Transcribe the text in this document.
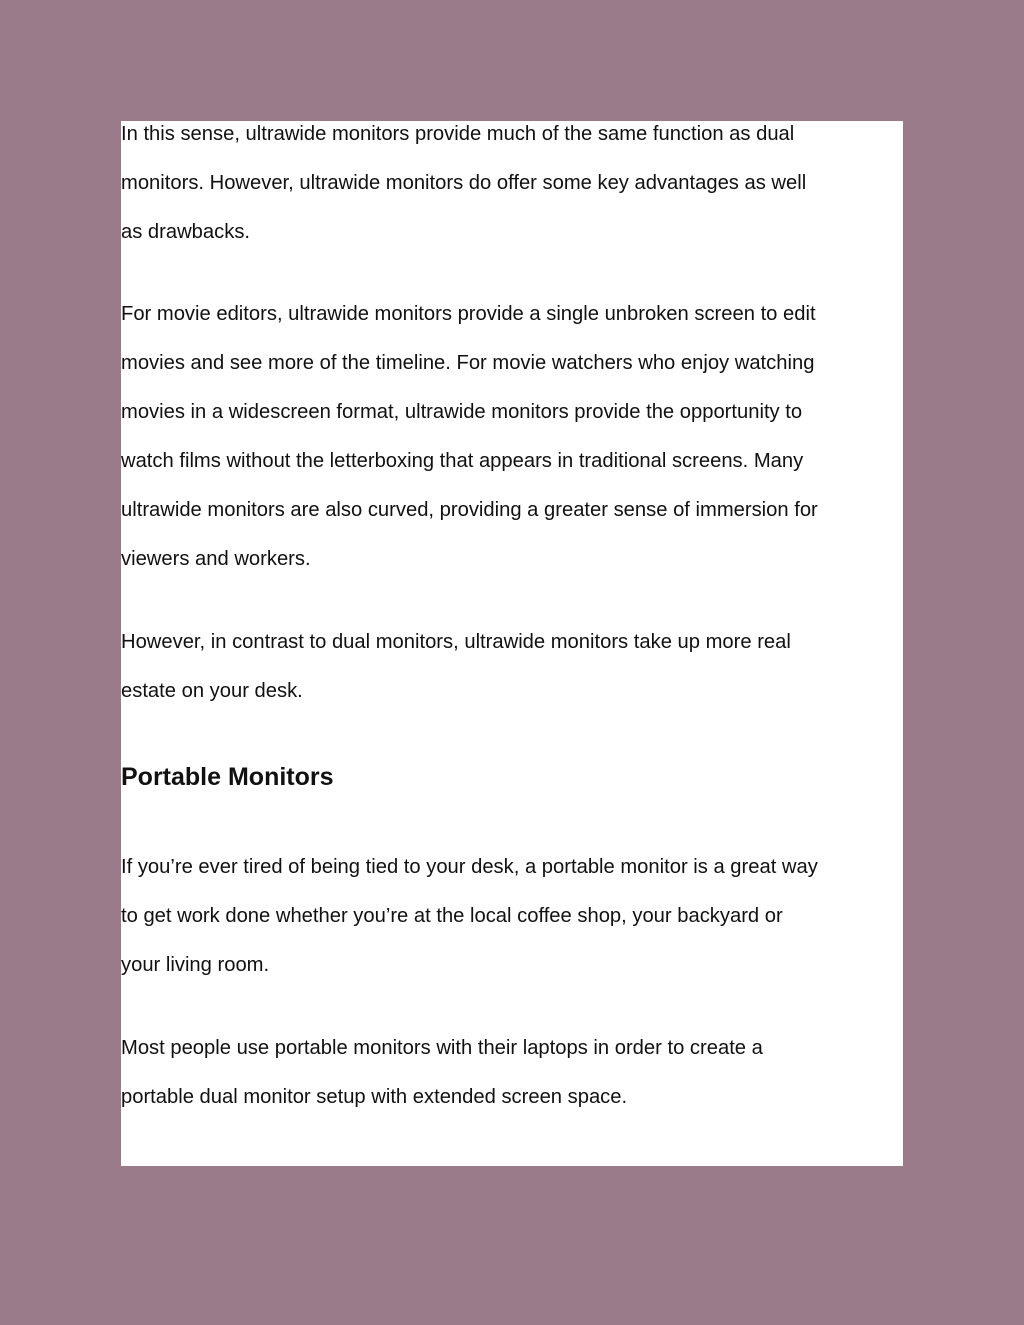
In this sense, ultrawide monitors provide much of the same function as dual
monitors. However, ultrawide monitors do offer some key advantages as well
as drawbacks.

For movie editors, ultrawide monitors provide a single unbroken screen to edit
movies and see more of the timeline. For movie watchers who enjoy watching
movies in a widescreen format, ultrawide monitors provide the opportunity to
watch films without the letterboxing that appears in traditional screens. Many
ultrawide monitors are also curved, providing a greater sense of immersion for
viewers and workers.

However, in contrast to dual monitors, ultrawide monitors take up more real
estate on your desk.

Portable Monitors

If you’re ever tired of being tied to your desk, a portable monitor is a great way
to get work done whether you’re at the local coffee shop, your backyard or
your living room.

Most people use portable monitors with their laptops in order to create a
portable dual monitor setup with extended screen space.
